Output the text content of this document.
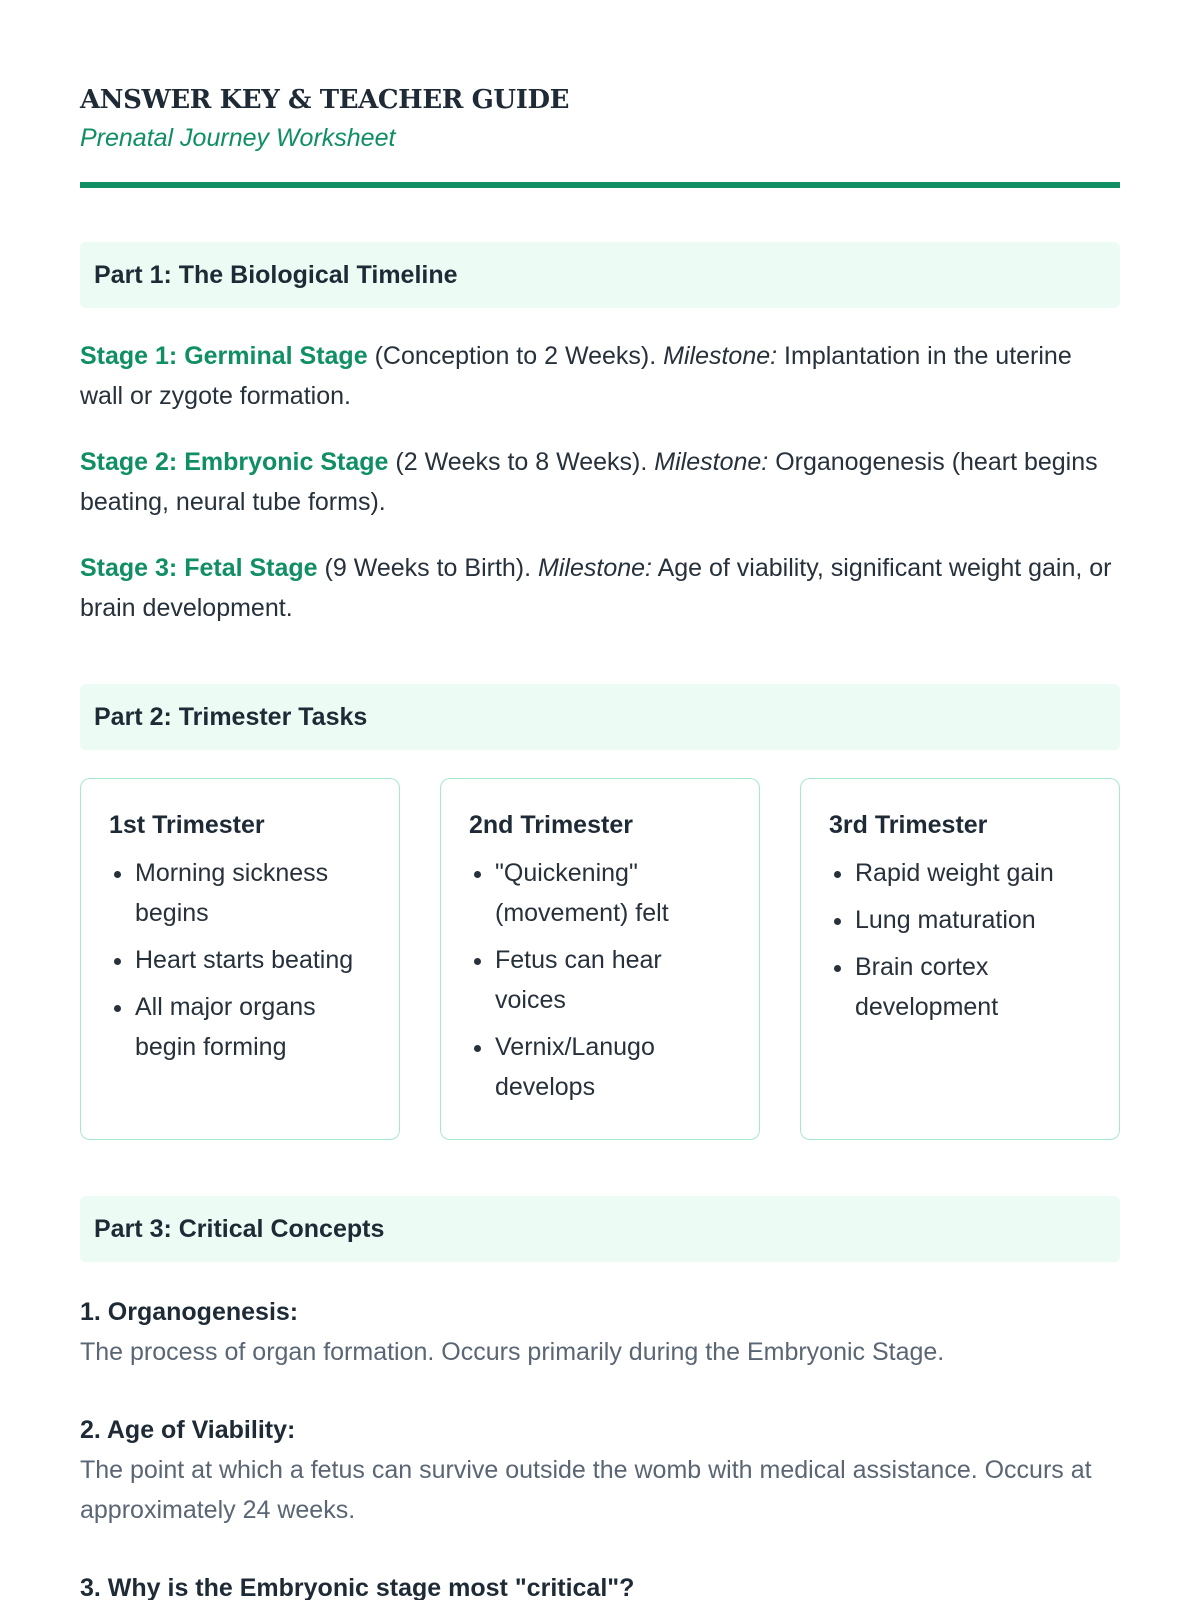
ANSWER KEY & TEACHER GUIDE
Prenatal Journey Worksheet
Part 1: The Biological Timeline
Stage 1: Germinal Stage (Conception to 2 Weeks). Milestone: Implantation in the uterine wall or zygote formation.
Stage 2: Embryonic Stage (2 Weeks to 8 Weeks). Milestone: Organogenesis (heart begins beating, neural tube forms).
Stage 3: Fetal Stage (9 Weeks to Birth). Milestone: Age of viability, significant weight gain, or brain development.
Part 2: Trimester Tasks
1st Trimester
• Morning sickness begins
• Heart starts beating
• All major organs begin forming
2nd Trimester
• "Quickening" (movement) felt
• Fetus can hear voices
• Vernix/Lanugo develops
3rd Trimester
• Rapid weight gain
• Lung maturation
• Brain cortex development
Part 3: Critical Concepts
1. Organogenesis:
The process of organ formation. Occurs primarily during the Embryonic Stage.
2. Age of Viability:
The point at which a fetus can survive outside the womb with medical assistance. Occurs at approximately 24 weeks.
3. Why is the Embryonic stage most "critical"?
